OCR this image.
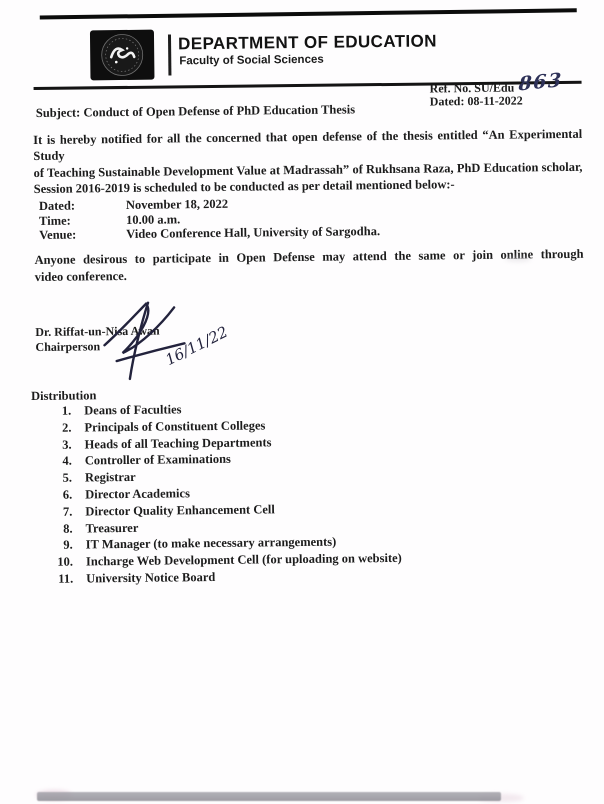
DEPARTMENT OF EDUCATION
Faculty of Social Sciences
Ref. No. SU/Edu 863
Dated: 08-11-2022
Subject: Conduct of Open Defense of PhD Education Thesis
It is hereby notified for all the concerned that open defense of the thesis entitled “An Experimental Study
of Teaching Sustainable Development Value at Madrassah” of Rukhsana Raza, PhD Education scholar,
Session 2016-2019 is scheduled to be conducted as per detail mentioned below:-
Dated:	November 18, 2022
Time:	10.00 a.m.
Venue:	Video Conference Hall, University of Sargodha.
Anyone desirous to participate in Open Defense may attend the same or join online through
video conference.
Dr. Riffat-un-Nisa Awan
Chairperson	16/11/22
Distribution
1.	Deans of Faculties
2.	Principals of Constituent Colleges
3.	Heads of all Teaching Departments
4.	Controller of Examinations
5.	Registrar
6.	Director Academics
7.	Director Quality Enhancement Cell
8.	Treasurer
9.	IT Manager (to make necessary arrangements)
10.	Incharge Web Development Cell (for uploading on website)
11.	University Notice Board
